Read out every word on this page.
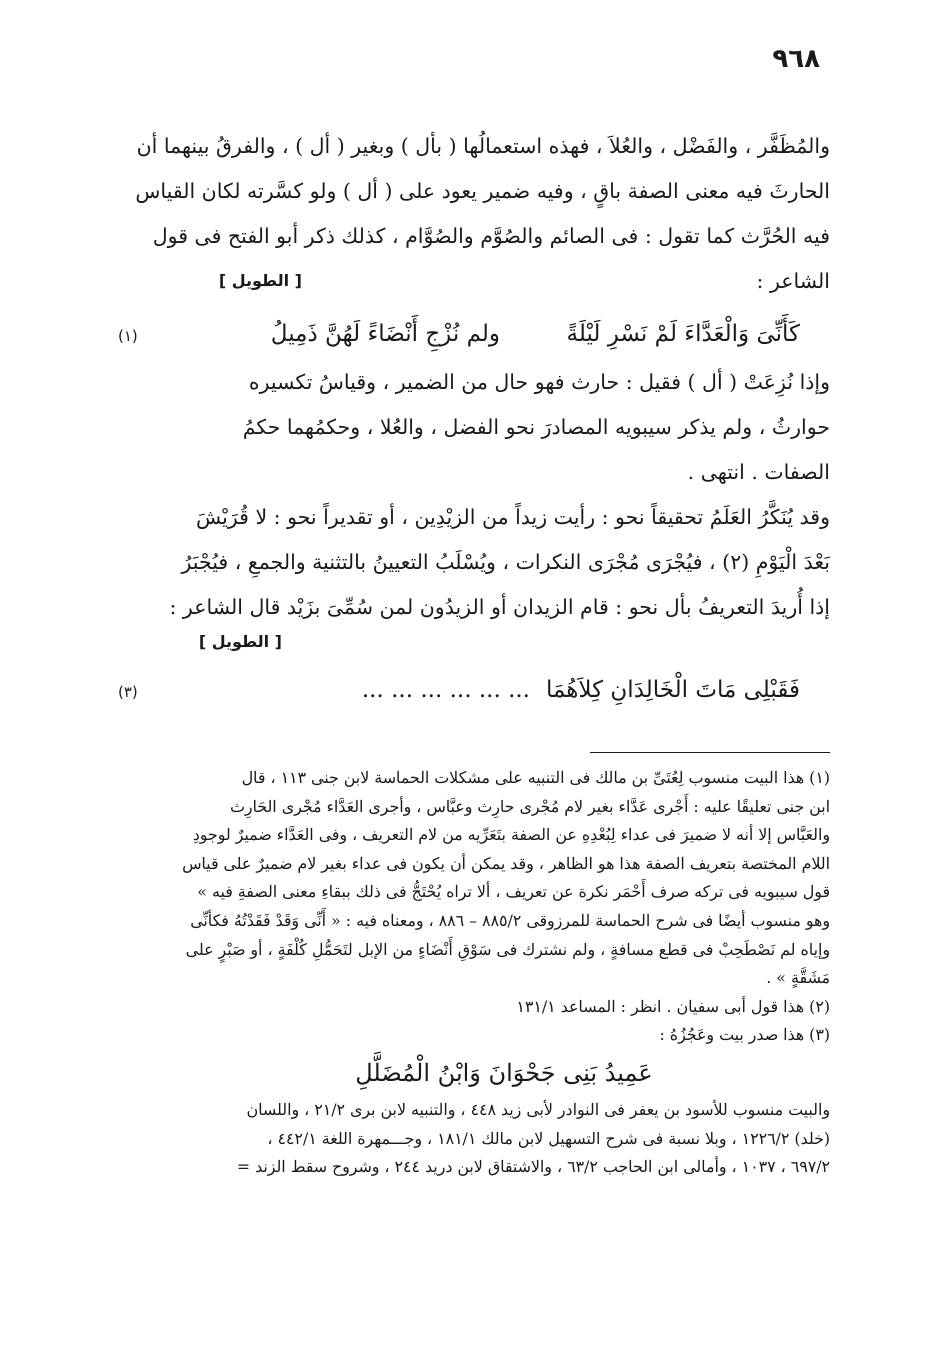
٩٦٨

والمُظَفَّر ، والفَضْل ، والعُلاَ ، فهذه استعمالُها ( بأل ) وبغير ( أل ) ، والفرقُ بينهما أن
الحارثَ فيه معنى الصفة باقٍ ، وفيه ضمير يعود على ( أل ) ولو كسَّرته لكان القياس
فيه الحُرَّث كما تقول : فى الصائم والصُوَّم والصُوَّام ، كذلك ذكر أبو الفتح فى قول

[ الطويل ]	الشاعر :

كَأَنِّىَ وَالْعَدَّاءَ لَمْ نَسْرِ لَيْلَةً
ولم نُزْجِ أَنْضَاءً لَهُنَّ ذَمِيلُ
(١)

وإذا نُزِعَتْ ( أل ) فقيل : حارث فهو حال من الضمير ، وقياسُ تكسيره
حوارثُ ، ولم يذكر سيبويه المصادرَ نحو الفضل ، والعُلا ، وحكمُهما حكمُ
الصفات . انتهى .

وقد يُنَكَّرُ العَلَمُ تحقيقاً نحو : رأيت زيداً من الزيْدِين ، أو تقديراً نحو : لا قُرَيْشَ
بَعْدَ الْيَوْمِ (٢) ، فيُجْرَى مُجْرَى النكرات ، ويُسْلَبُ التعيينُ بالتثنية والجمعِ ، فيُجْبَرُ
إذا أُريدَ التعريفُ بأل نحو : قام الزيدان أو الزيدُون لمن سُمِّىَ بزَيْد قال الشاعر :

[ الطويل ]
فَقَبْلِى مَاتَ الْخَالِدَانِ كِلاَهُمَا
... ... ... ... ... ...
(٣)

(١) هذا البيت منسوب لِعُتَىِّ بن مالك فى التنبيه على مشكلات الحماسة لابن جنى ١١٣ ، قال
ابن جنى تعليقًا عليه : أَجْرى عَدَّاء بغير لام مُجْرى حارِث وعبَّاس ، وأجرى العَدَّاء مُجْرى الحَارِث
والعَبَّاس إلا أنه لا ضميرَ فى عداء لِبُعْدِهِ عن الصفة بتَعَرِّيه من لام التعريف ، وفى العَدَّاء ضميرٌ لوجودِ
اللام المختصة بتعريف الصفة هذا هو الظاهر ، وقد يمكن أن يكون فى عداء بغير لام ضميرٌ على قياس
قول سيبويه فى تركه صرف أَحْمَر نكرة عن تعريف ، ألا تراه يُحْتَجُّ فى ذلك ببقاءِ معنى الصفةِ فيه »
وهو منسوب أيضًا فى شرح الحماسة للمرزوقى ٨٨٥/٢ – ٨٨٦ ، ومعناه فيه : « أَنِّى وَقَدْ فَقَدْتُهُ فكأنِّى
وإياه لم نَصْطَحِبْ فى قطع مسافةٍ ، ولم نشترك فى سَوْقِ أَنْضَاءٍ من الإبل لتَحَمُّلِ كُلْفَةٍ ، أو صَبْرٍ على
مَشَقَّةٍ » .

(٢) هذا قول أبى سفيان . انظر : المساعد ١٣١/١

(٣) هذا صدر بيت وعَجُزُهُ :

عَمِيدُ بَنِى جَحْوَانَ وَابْنُ الْمُضَلَّلِ

والبيت منسوب للأسود بن يعفر فى النوادر لأبى زيد ٤٤٨ ، والتنبيه لابن برى ٢١/٢ ، واللسان
(خلد) ١٢٢٦/٢ ، وبلا نسبة فى شرح التسهيل لابن مالك ١٨١/١ ، وجـــمهرة اللغة ٤٤٢/١ ،
٦٩٧/٢ ، ١٠٣٧ ، وأمالى ابن الحاجب ٦٣/٢ ، والاشتقاق لابن دريد ٢٤٤ ، وشروح سقط الزند =
